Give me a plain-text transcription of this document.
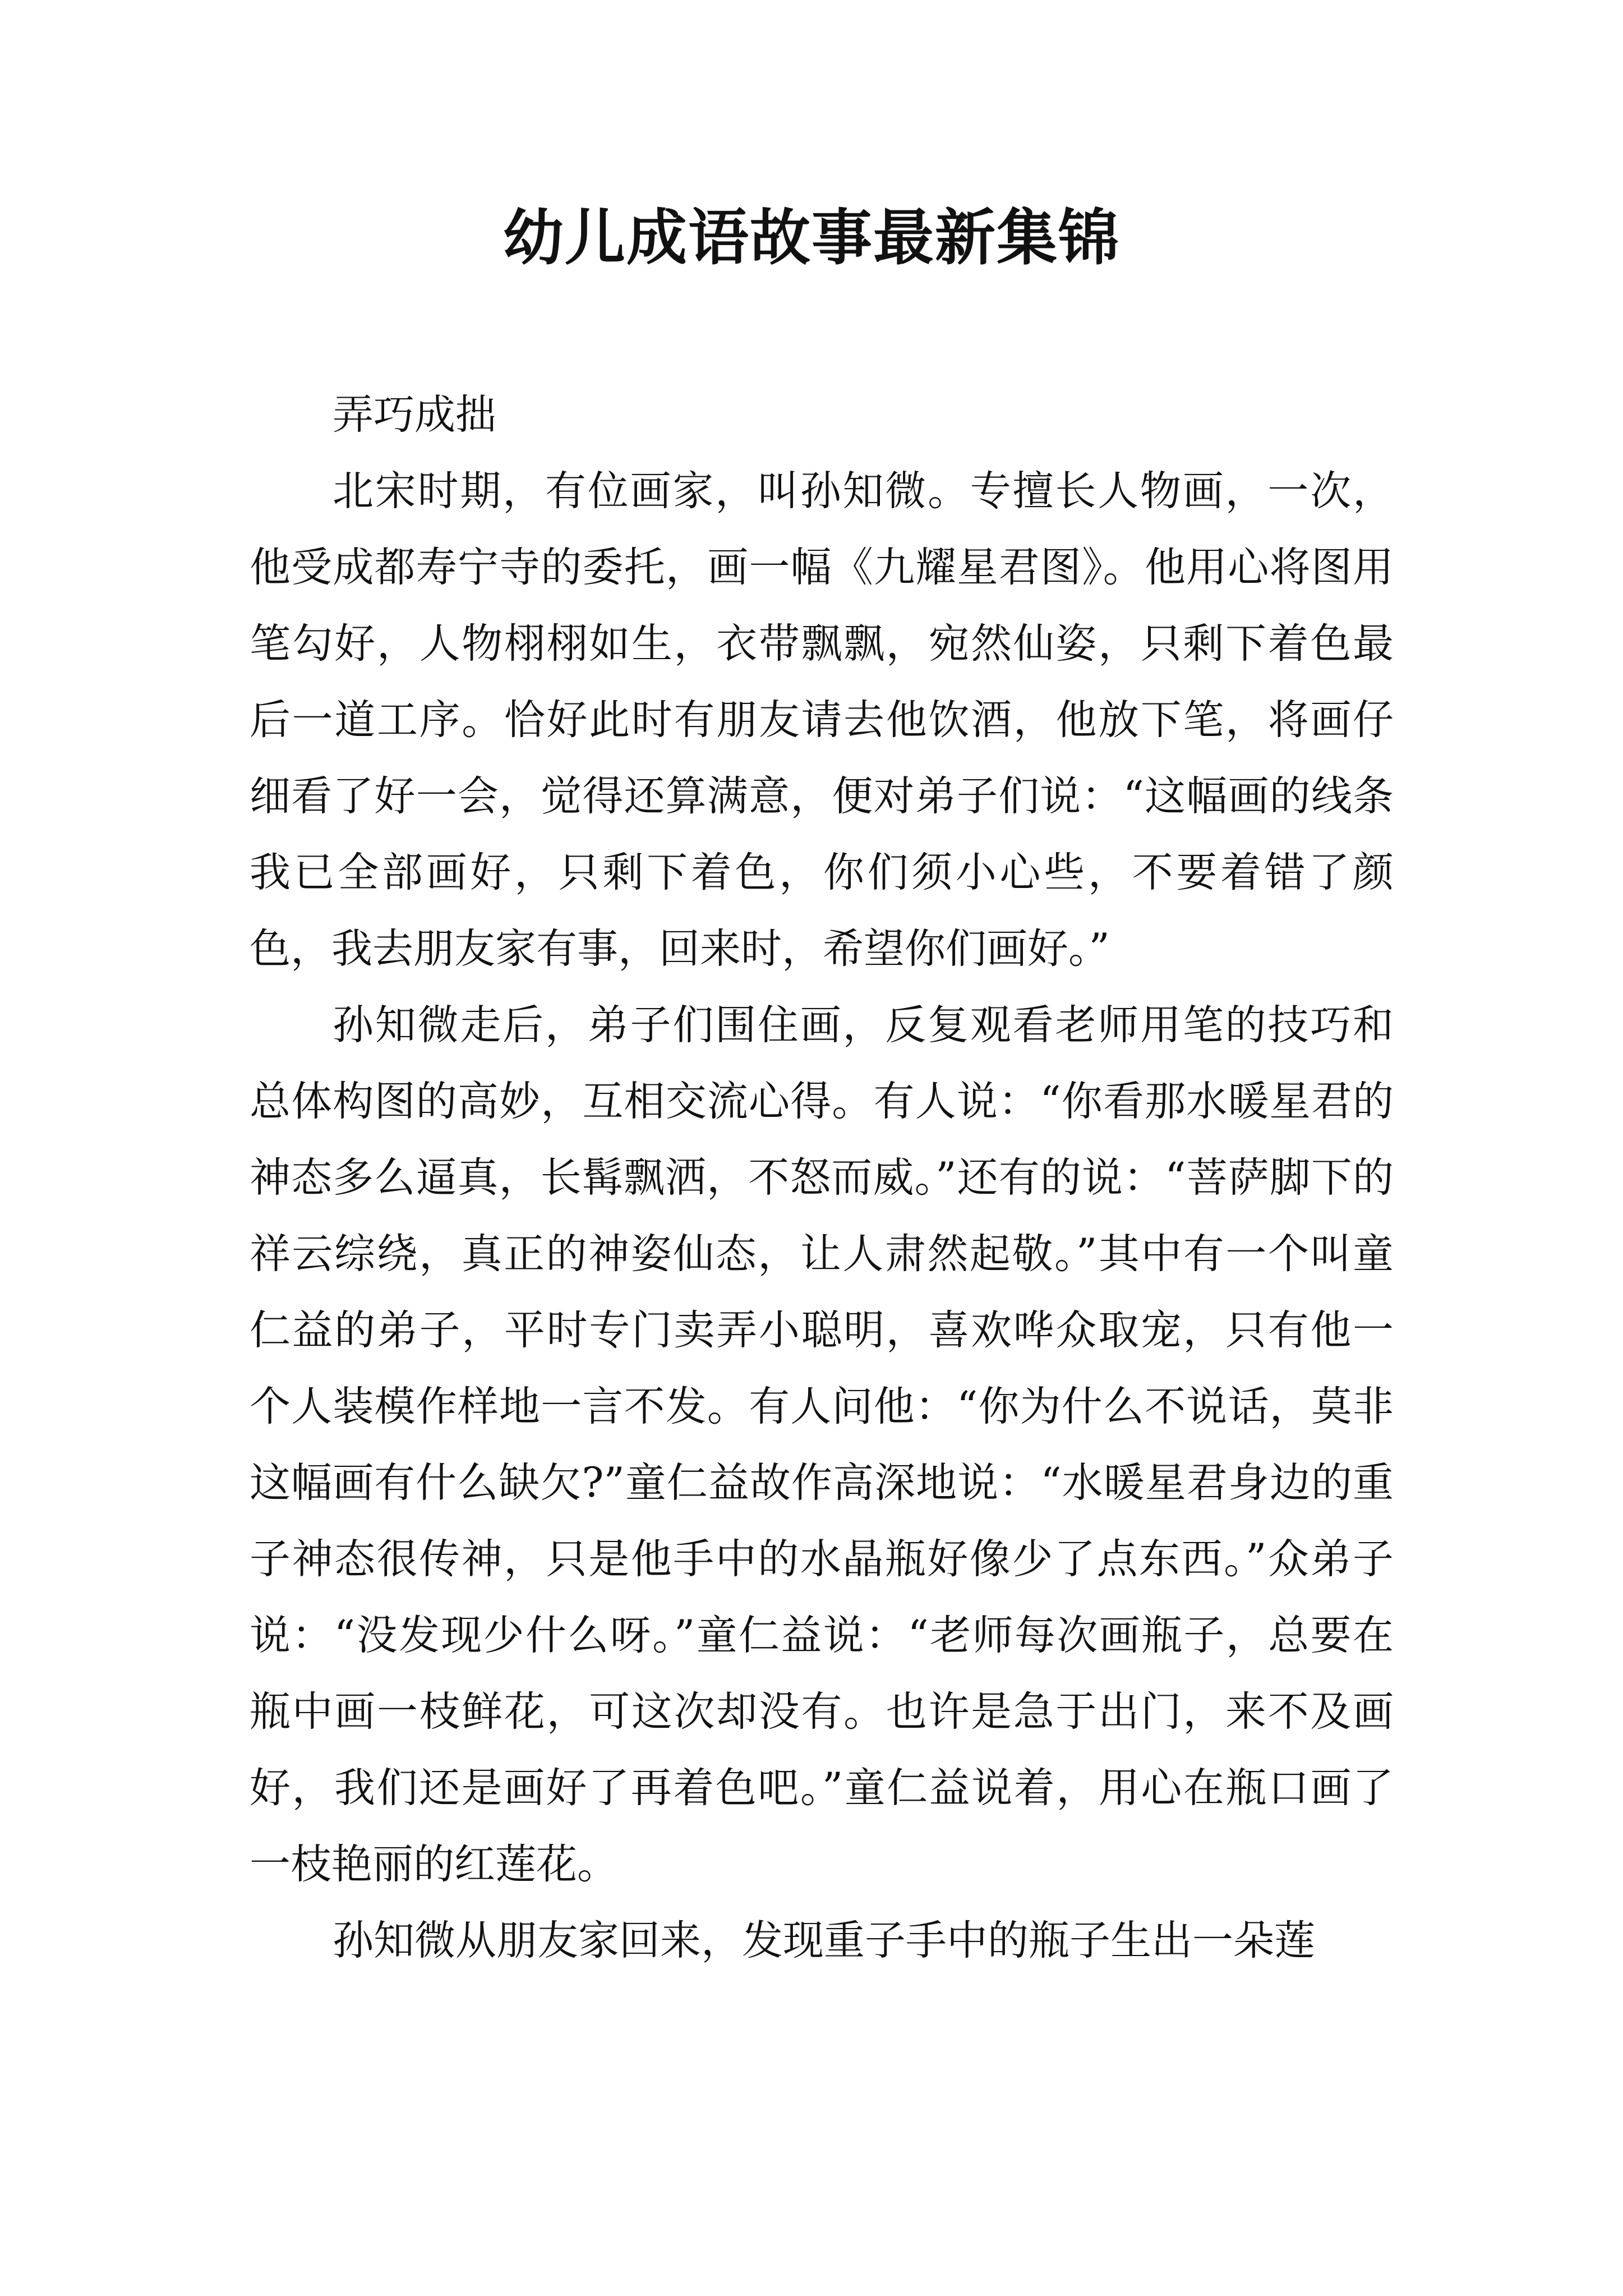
幼儿成语故事最新集锦

弄巧成拙

北宋时期，有位画家，叫孙知微。专擅长人物画，一次，他受成都寿宁寺的委托，画一幅《九耀星君图》。他用心将图用笔勾好，人物栩栩如生，衣带飘飘，宛然仙姿，只剩下着色最后一道工序。恰好此时有朋友请去他饮酒，他放下笔，将画仔细看了好一会，觉得还算满意，便对弟子们说：“这幅画的线条我已全部画好，只剩下着色，你们须小心些，不要着错了颜色，我去朋友家有事，回来时，希望你们画好。”

孙知微走后，弟子们围住画，反复观看老师用笔的技巧和总体构图的高妙，互相交流心得。有人说：“你看那水暖星君的神态多么逼真，长髯飘洒，不怒而威。”还有的说：“菩萨脚下的祥云综绕，真正的神姿仙态，让人肃然起敬。”其中有一个叫童仁益的弟子，平时专门卖弄小聪明，喜欢哗众取宠，只有他一个人装模作样地一言不发。有人问他：“你为什么不说话，莫非这幅画有什么缺欠?”童仁益故作高深地说：“水暖星君身边的重子神态很传神，只是他手中的水晶瓶好像少了点东西。”众弟子说：“没发现少什么呀。”童仁益说：“老师每次画瓶子，总要在瓶中画一枝鲜花，可这次却没有。也许是急于出门，来不及画好，我们还是画好了再着色吧。”童仁益说着，用心在瓶口画了一枝艳丽的红莲花。

孙知微从朋友家回来，发现重子手中的瓶子生出一朵莲
